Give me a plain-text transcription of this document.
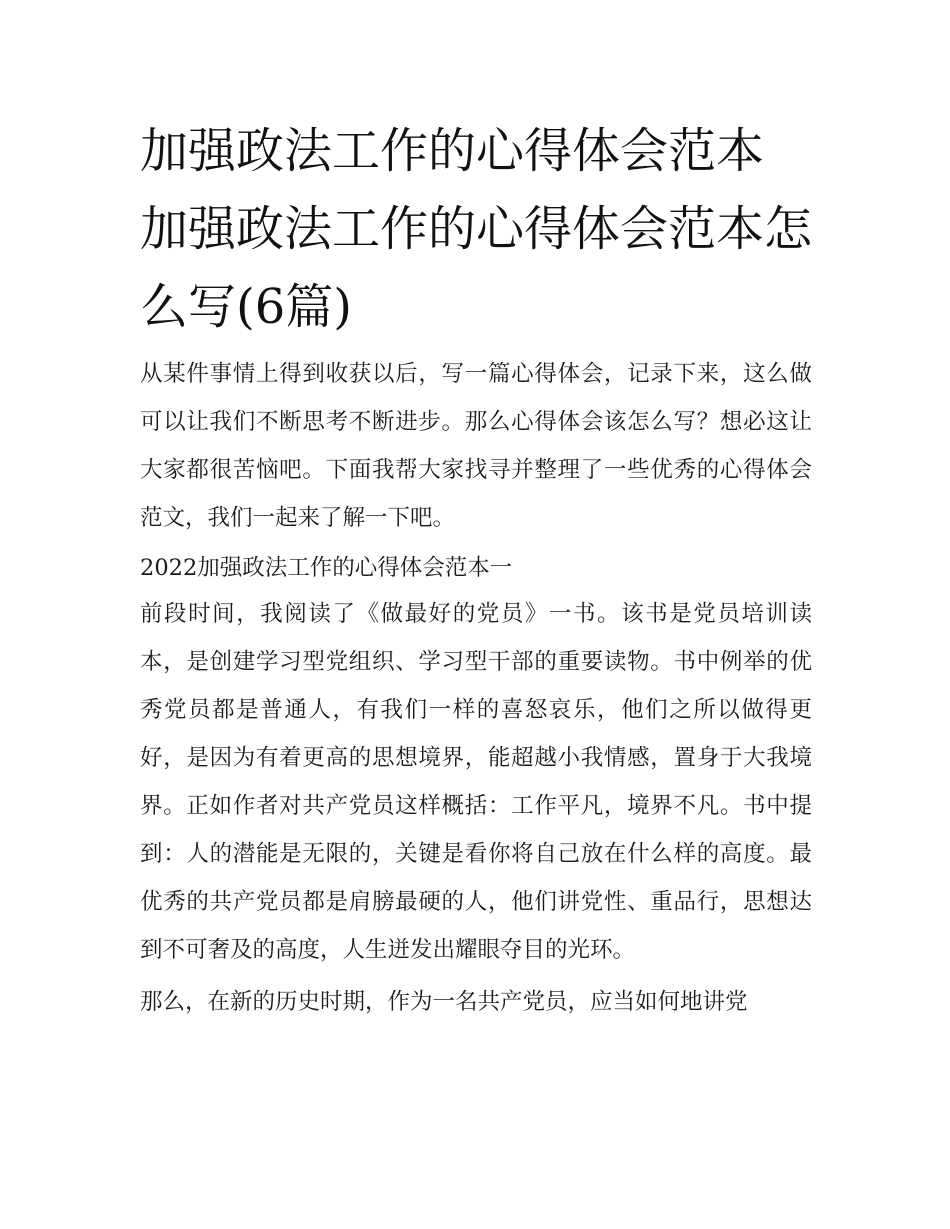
加强政法工作的心得体会范本 加强政法工作的心得体会范本怎么写(6篇)

从某件事情上得到收获以后，写一篇心得体会，记录下来，这么做可以让我们不断思考不断进步。那么心得体会该怎么写？想必这让大家都很苦恼吧。下面我帮大家找寻并整理了一些优秀的心得体会范文，我们一起来了解一下吧。

2022加强政法工作的心得体会范本一

前段时间，我阅读了《做最好的党员》一书。该书是党员培训读本，是创建学习型党组织、学习型干部的重要读物。书中例举的优秀党员都是普通人，有我们一样的喜怒哀乐，他们之所以做得更好，是因为有着更高的思想境界，能超越小我情感，置身于大我境界。正如作者对共产党员这样概括：工作平凡，境界不凡。书中提到：人的潜能是无限的，关键是看你将自己放在什么样的高度。最优秀的共产党员都是肩膀最硬的人，他们讲党性、重品行，思想达到不可奢及的高度，人生迸发出耀眼夺目的光环。

那么，在新的历史时期，作为一名共产党员，应当如何地讲党
